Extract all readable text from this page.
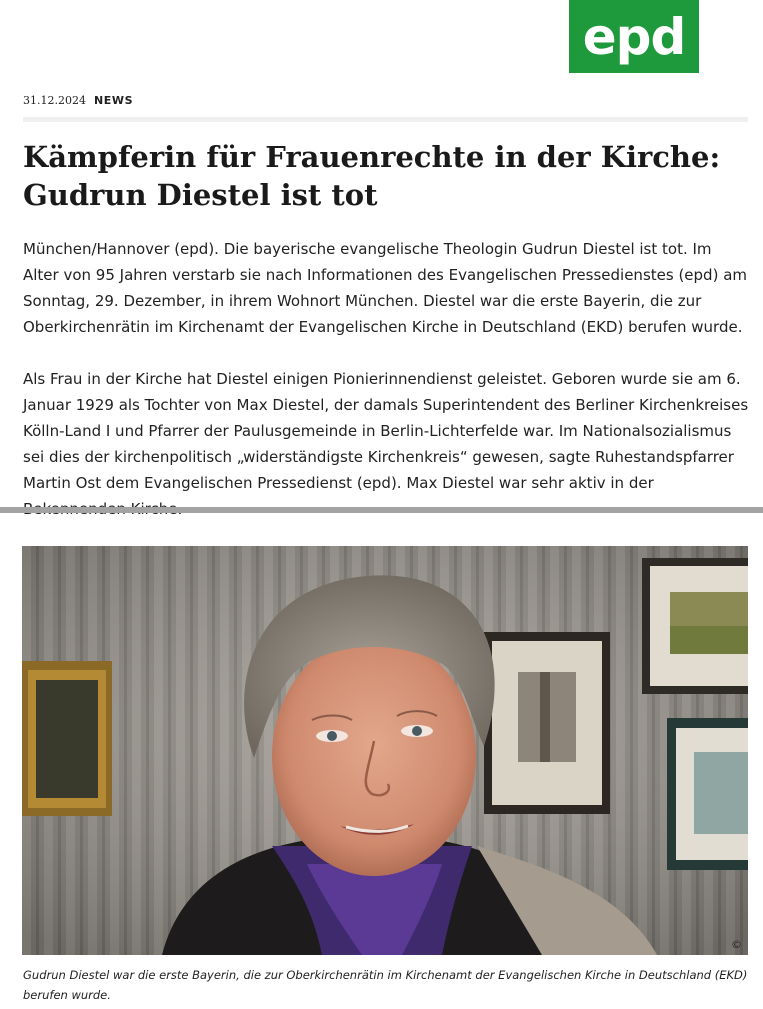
epd
31.12.2024 NEWS
Kämpferin für Frauenrechte in der Kirche: Gudrun Diestel ist tot

München/Hannover (epd). Die bayerische evangelische Theologin Gudrun Diestel ist tot. Im Alter von 95 Jahren verstarb sie nach Informationen des Evangelischen Pressedienstes (epd) am Sonntag, 29. Dezember, in ihrem Wohnort München. Diestel war die erste Bayerin, die zur Oberkirchenrätin im Kirchenamt der Evangelischen Kirche in Deutschland (EKD) berufen wurde.

Als Frau in der Kirche hat Diestel einigen Pionierinnendienst geleistet. Geboren wurde sie am 6. Januar 1929 als Tochter von Max Diestel, der damals Superintendent des Berliner Kirchenkreises Kölln-Land I und Pfarrer der Paulusgemeinde in Berlin-Lichterfelde war. Im Nationalsozialismus sei dies der kirchenpolitisch „widerständigste Kirchenkreis“ gewesen, sagte Ruhestandspfarrer Martin Ost dem Evangelischen Pressedienst (epd). Max Diestel war sehr aktiv in der

©

Gudrun Diestel war die erste Bayerin, die zur Oberkirchenrätin im Kirchenamt der Evangelischen Kirche in Deutschland (EKD) berufen wurde.
